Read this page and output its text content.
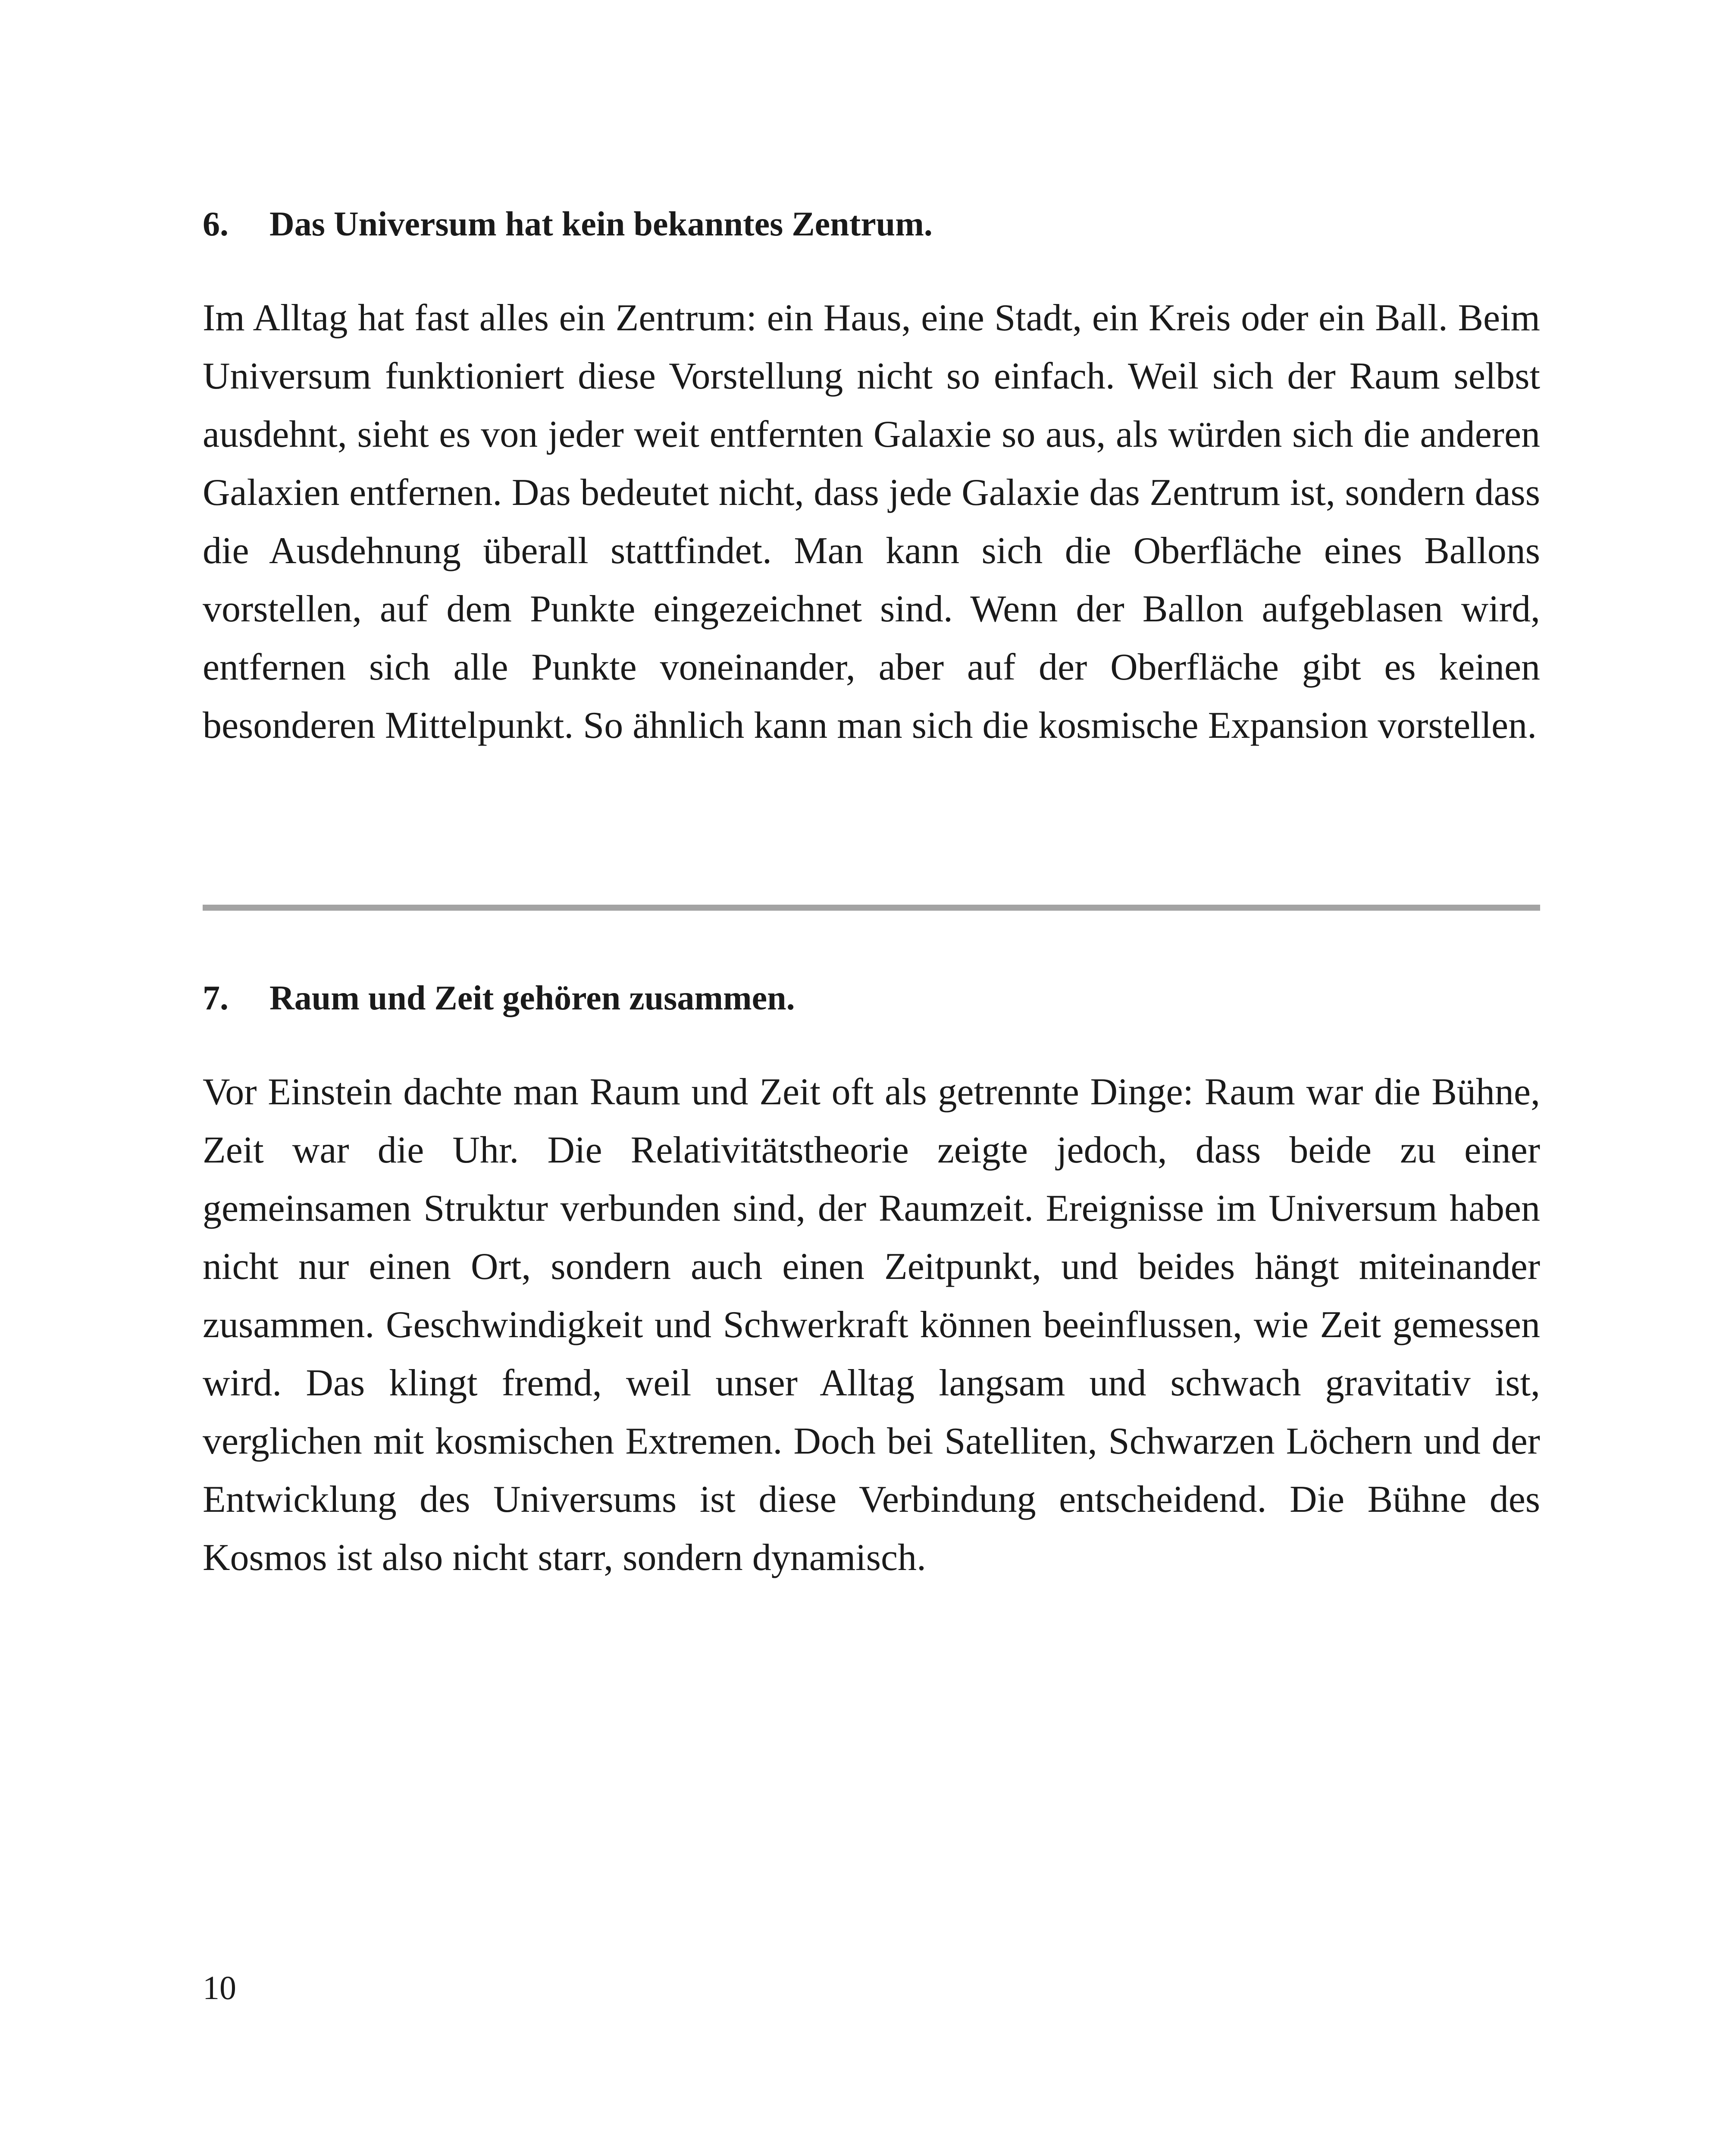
6.	Das Universum hat kein bekanntes Zentrum.

Im Alltag hat fast alles ein Zentrum: ein Haus, eine Stadt, ein Kreis oder ein Ball. Beim Universum funktioniert diese Vorstellung nicht so einfach. Weil sich der Raum selbst ausdehnt, sieht es von jeder weit entfernten Galaxie so aus, als würden sich die anderen Galaxien entfernen. Das bedeutet nicht, dass jede Galaxie das Zentrum ist, sondern dass die Ausdehnung überall stattfindet. Man kann sich die Oberfläche eines Ballons vorstellen, auf dem Punkte eingezeichnet sind. Wenn der Ballon aufgeblasen wird, entfernen sich alle Punkte voneinander, aber auf der Oberfläche gibt es keinen besonderen Mittelpunkt. So ähnlich kann man sich die kosmische Expansion vorstellen.

7.	Raum und Zeit gehören zusammen.

Vor Einstein dachte man Raum und Zeit oft als getrennte Dinge: Raum war die Bühne, Zeit war die Uhr. Die Relativitätstheorie zeigte jedoch, dass beide zu einer gemeinsamen Struktur verbunden sind, der Raumzeit. Ereignisse im Universum haben nicht nur einen Ort, sondern auch einen Zeitpunkt, und beides hängt miteinander zusammen. Geschwindigkeit und Schwerkraft können beeinflussen, wie Zeit gemessen wird. Das klingt fremd, weil unser Alltag langsam und schwach gravitativ ist, verglichen mit kosmischen Extremen. Doch bei Satelliten, Schwarzen Löchern und der Entwicklung des Universums ist diese Verbindung entscheidend. Die Bühne des Kosmos ist also nicht starr, sondern dynamisch.

10
